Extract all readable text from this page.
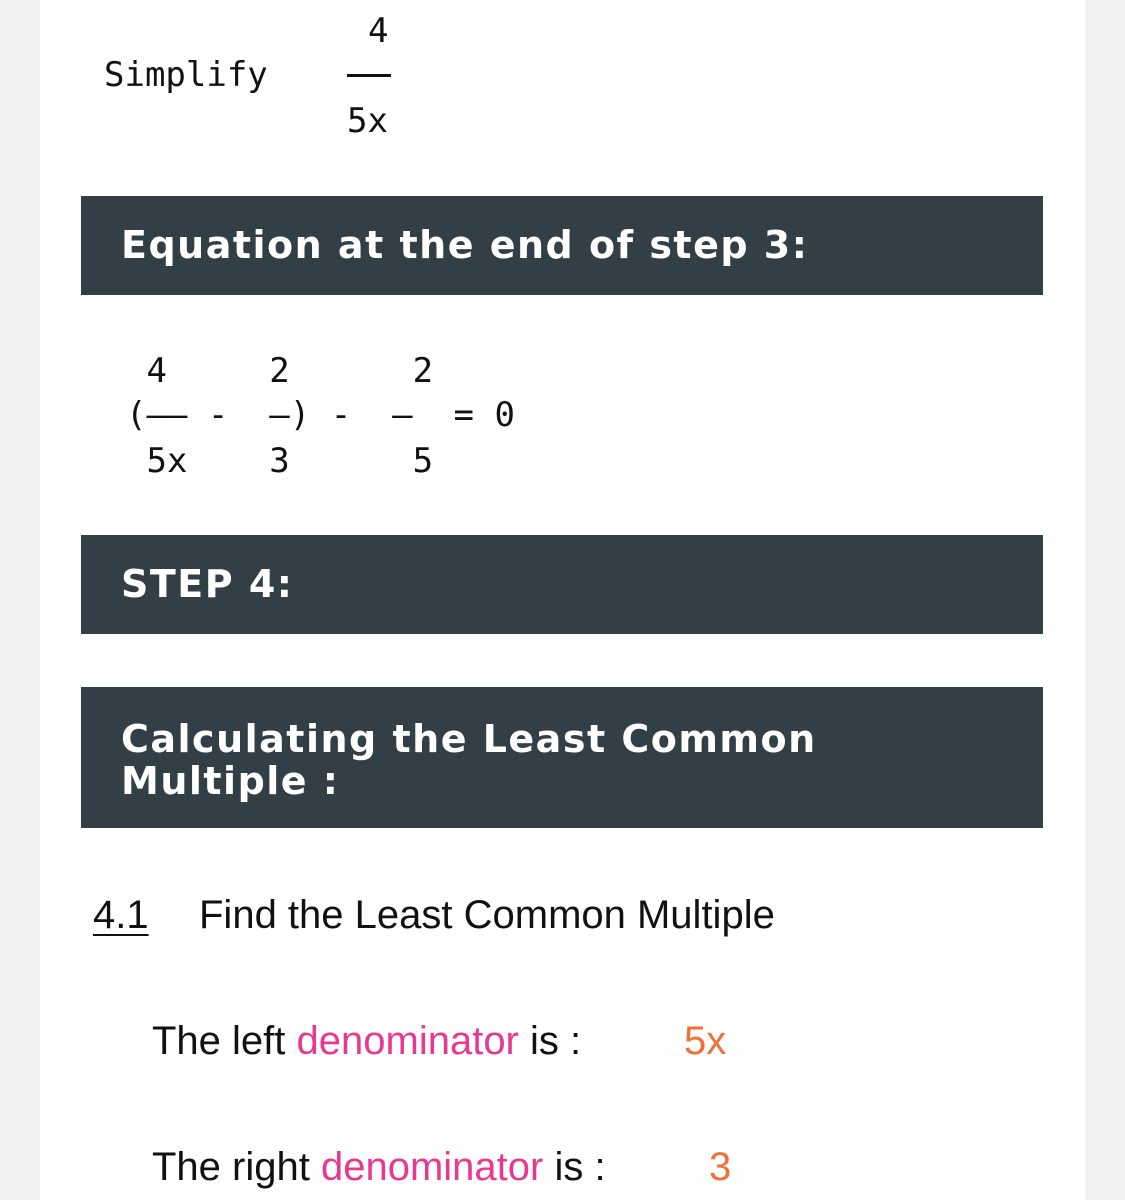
Simplify
4
5x
Equation at the end of step 3:
4     2      2
(—— -  —) -  —  = 0
5x    3      5
STEP 4:
Calculating the Least Common
Multiple :
4.1 Find the Least Common Multiple
The left denominator is :	5x
The right denominator is :	3
